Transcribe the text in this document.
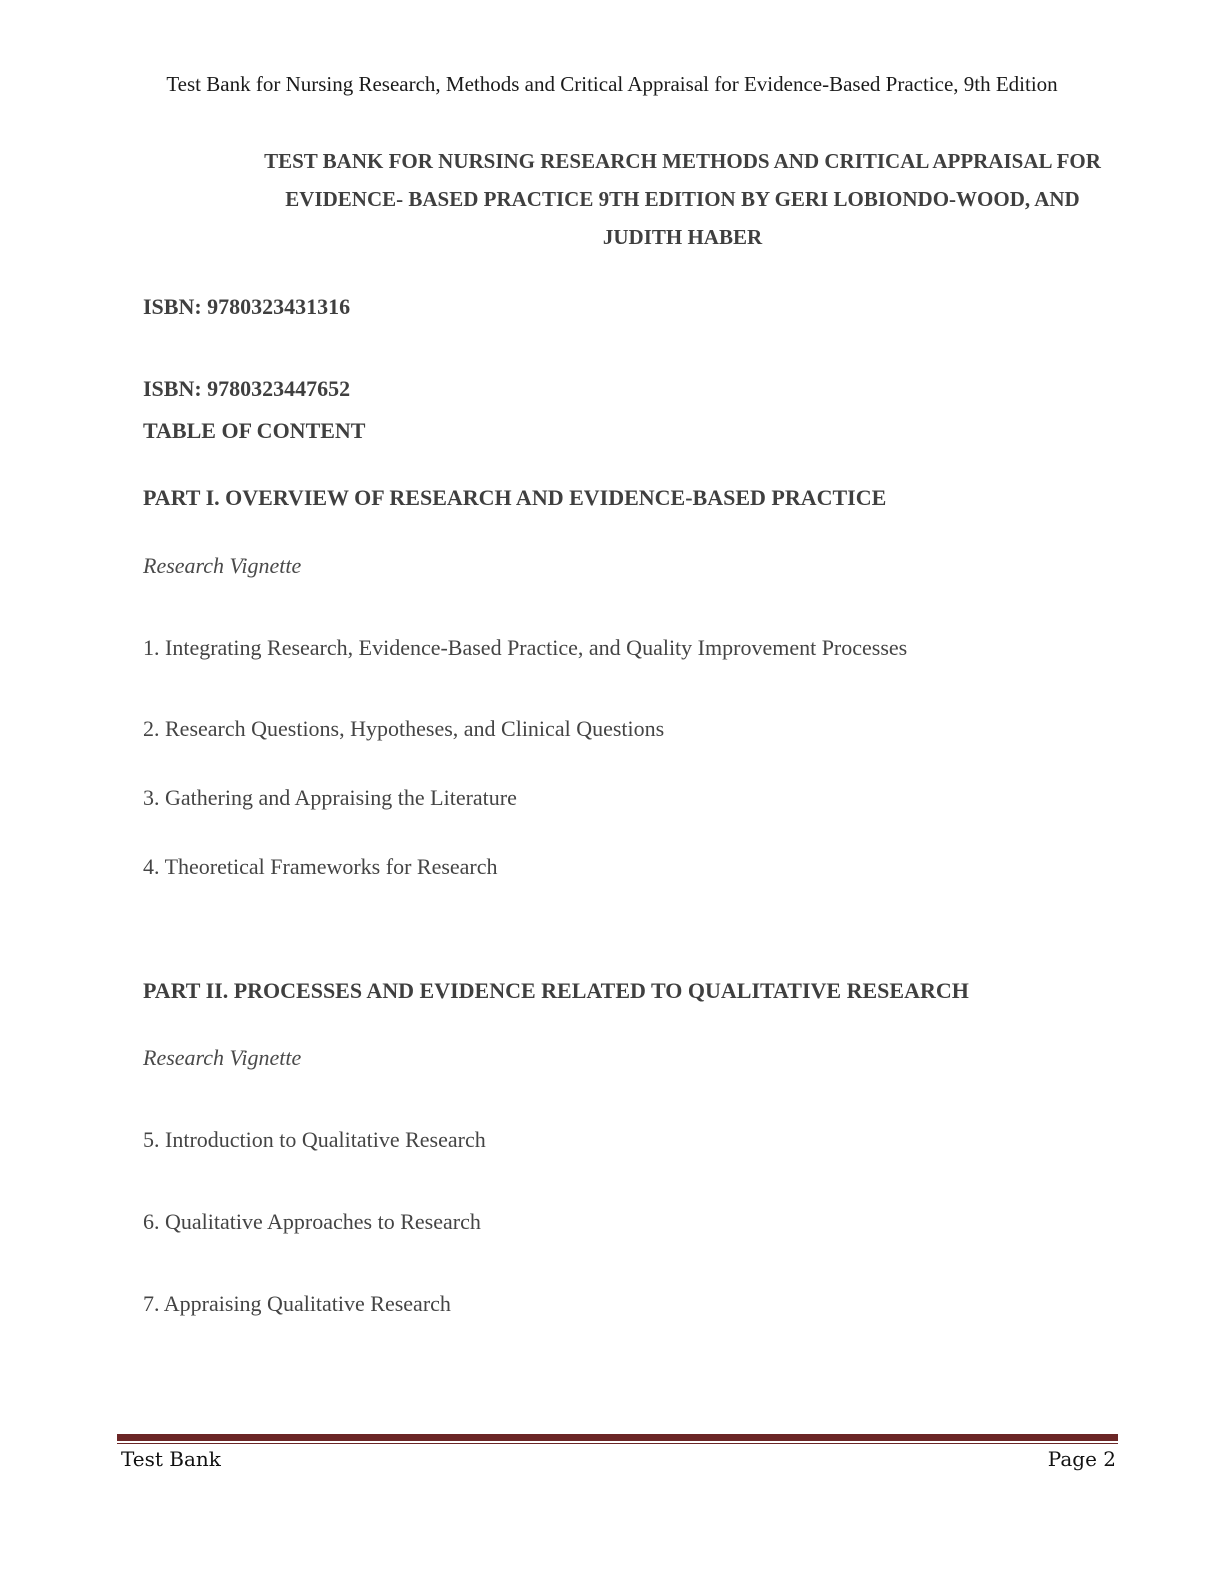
Test Bank for Nursing Research, Methods and Critical Appraisal for Evidence-Based Practice, 9th Edition
TEST BANK FOR NURSING RESEARCH METHODS AND CRITICAL APPRAISAL FOR
EVIDENCE- BASED PRACTICE 9TH EDITION BY GERI LOBIONDO-WOOD, AND
JUDITH HABER
ISBN: 9780323431316
ISBN: 9780323447652
TABLE OF CONTENT
PART I. OVERVIEW OF RESEARCH AND EVIDENCE-BASED PRACTICE
Research Vignette
1. Integrating Research, Evidence-Based Practice, and Quality Improvement Processes
2. Research Questions, Hypotheses, and Clinical Questions
3. Gathering and Appraising the Literature
4. Theoretical Frameworks for Research
PART II. PROCESSES AND EVIDENCE RELATED TO QUALITATIVE RESEARCH
Research Vignette
5. Introduction to Qualitative Research
6. Qualitative Approaches to Research
7. Appraising Qualitative Research
Test Bank	Page 2
